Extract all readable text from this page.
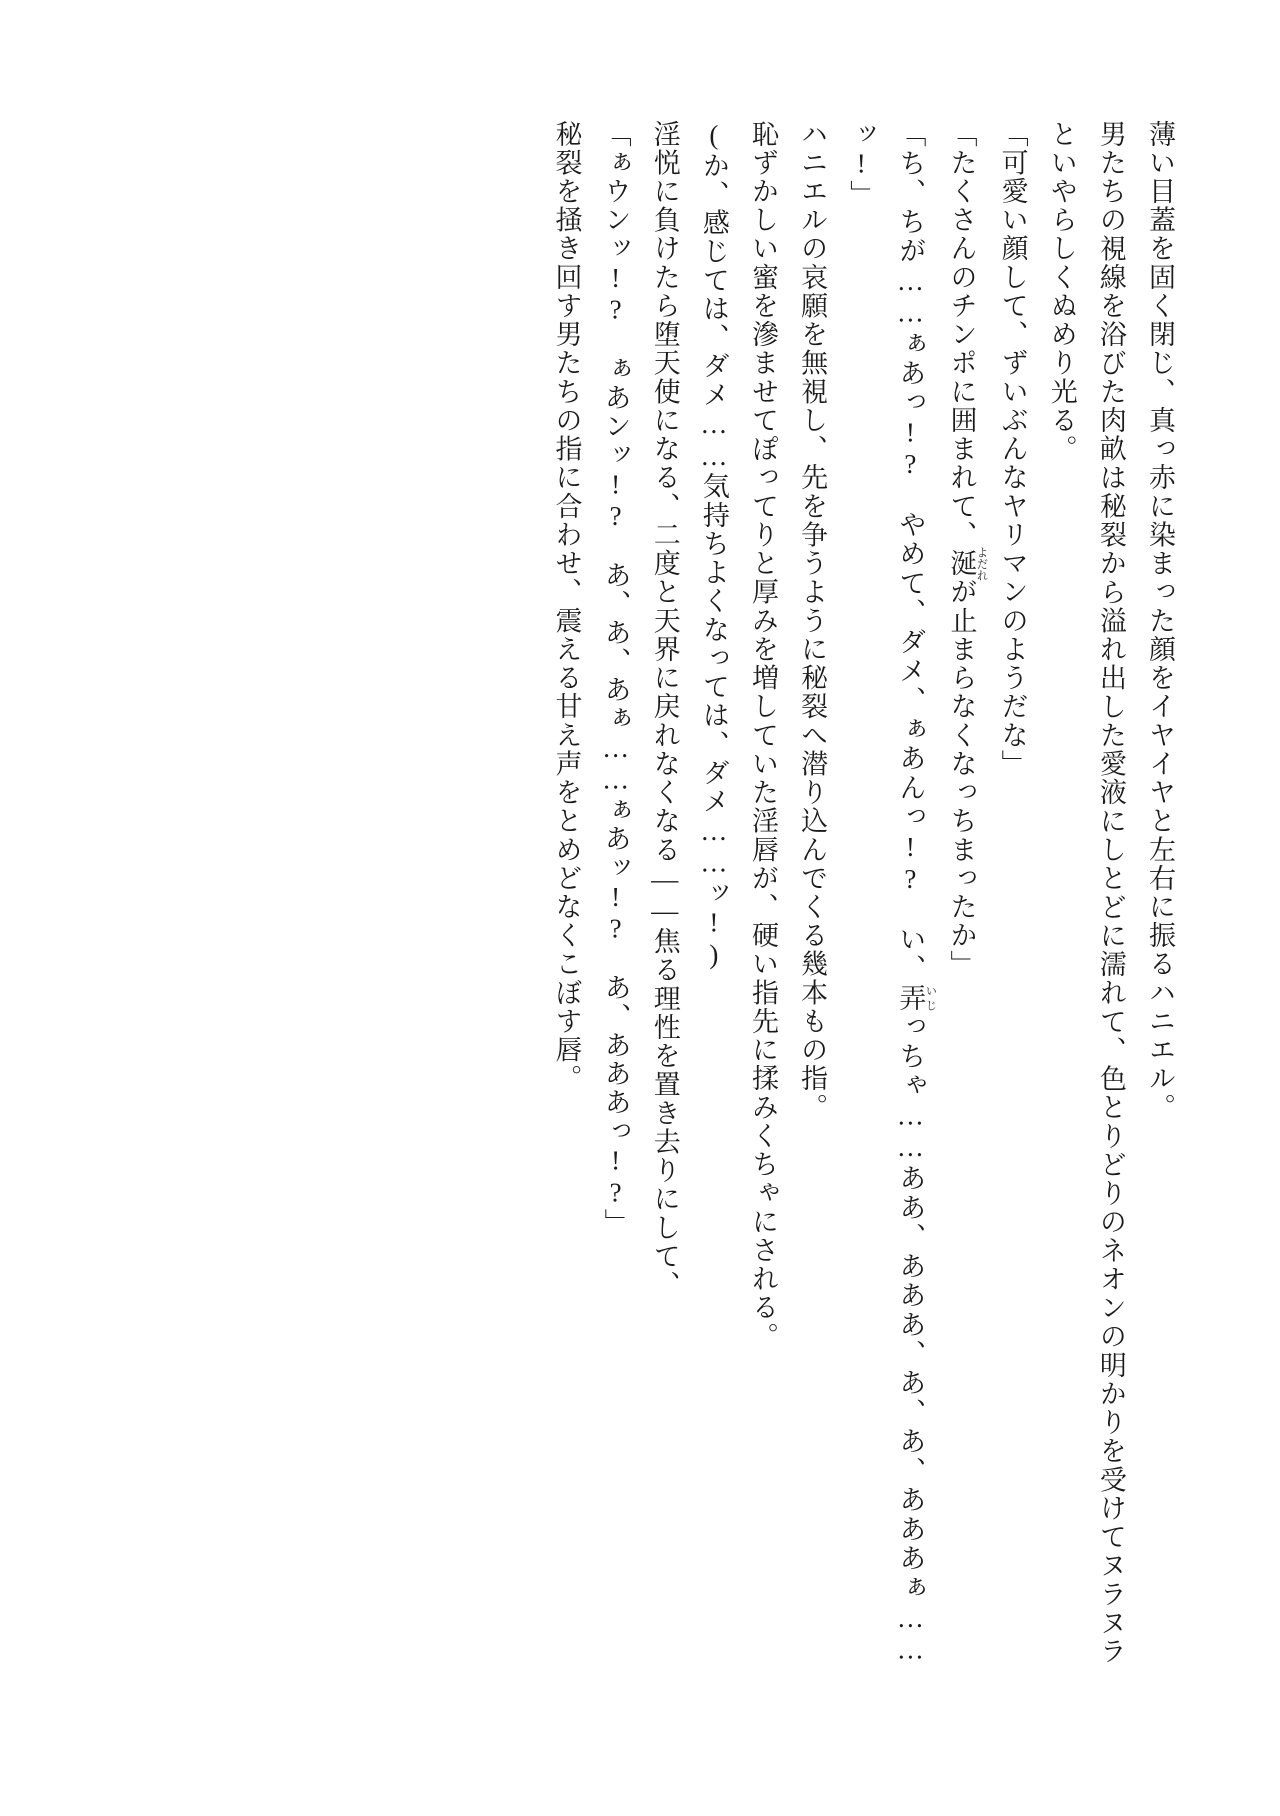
薄い目蓋を固く閉じ、真っ赤に染まった顔をイヤイヤと左右に振るハニエル。

男たちの視線を浴びた肉畝は秘裂から溢れ出した愛液にしとどに濡れて、色とりどりのネオンの明かりを受けてヌラヌラといやらしくぬめり光る。

「可愛い顔して、ずいぶんなヤリマンのようだな」

「たくさんのチンポに囲まれて、涎 よだれが止まらなくなっちまったか」

「ち、ちが……ぁあっ!?　やめて、ダメ、ぁあんっ!?　い、弄 いじっちゃ……ああ、あああ、あ、あ、あああぁ……ッ!」

ハニエルの哀願を無視し、先を争うように秘裂へ潜り込んでくる幾本もの指。

恥ずかしい蜜を滲ませてぽってりと厚みを増していた淫唇が、硬い指先に揉みくちゃにされる。

(か、感じては、ダメ……気持ちよくなっては、ダメ……ッ!)

淫悦に負けたら堕天使になる、二度と天界に戻れなくなる——焦る理性を置き去りにして、

「ぁウンッ!?　ぁあンッ!?　あ、あ、あぁ……ぁあッ!?　あ、あああっ!?」

秘裂を掻き回す男たちの指に合わせ、震える甘え声をとめどなくこぼす唇。
